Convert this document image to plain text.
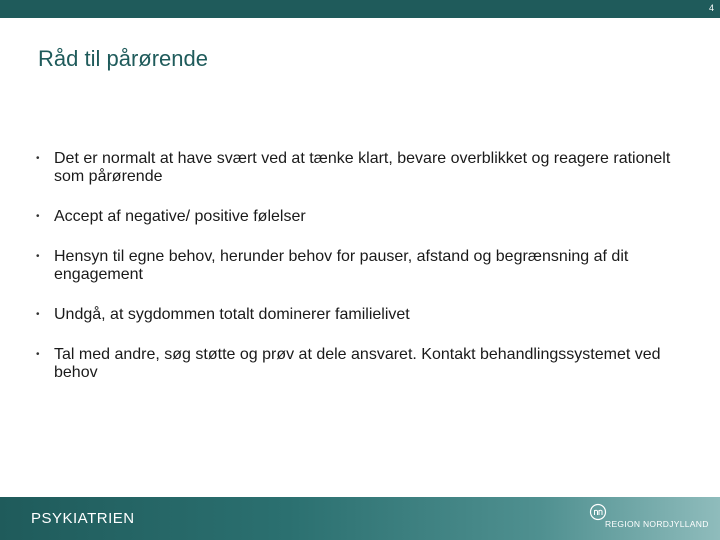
4
Råd til pårørende
• Det er normalt at have svært ved at tænke klart, bevare overblikket og reagere rationelt som pårørende
• Accept af negative/ positive følelser
• Hensyn til egne behov, herunder behov for pauser, afstand og begrænsning af dit engagement
• Undgå, at sygdommen totalt dominerer familielivet
• Tal med andre, søg støtte og prøv at dele ansvaret. Kontakt behandlingssystemet ved behov
PSYKIATRIEN	REGION NORDJYLLAND
